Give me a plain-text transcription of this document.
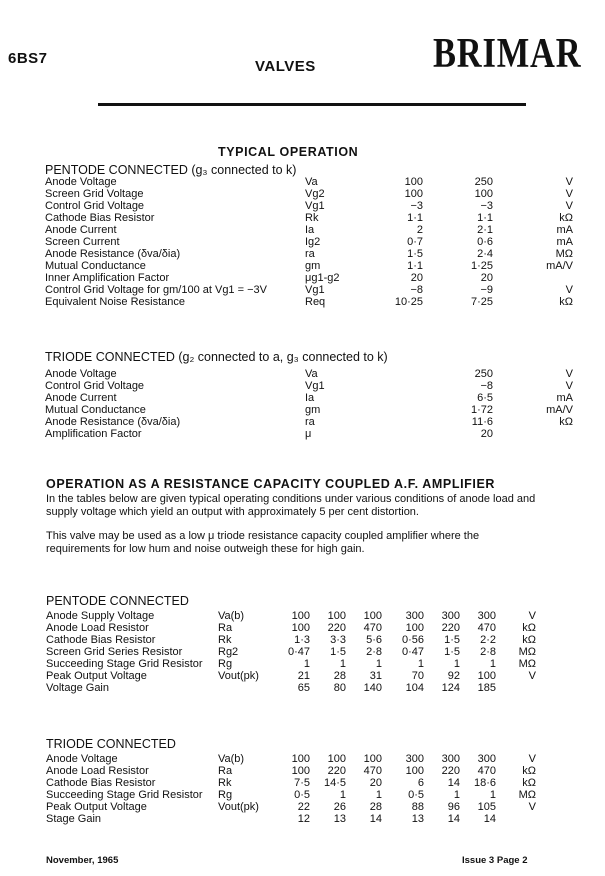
6BS7	VALVES	BRIMAR
TYPICAL OPERATION
PENTODE CONNECTED (g₃ connected to k)
Anode Voltage	Va	100	250	V
Screen Grid Voltage	Vg2	100	100	V
Control Grid Voltage	Vg1	−3	−3	V
Cathode Bias Resistor	Rk	1·1	1·1	kΩ
Anode Current	Ia	2	2·1	mA
Screen Current	Ig2	0·7	0·6	mA
Anode Resistance (δva/δia)	ra	1·5	2·4	MΩ
Mutual Conductance	gm	1·1	1·25	mA/V
Inner Amplification Factor	μg1-g2	20	20	
Control Grid Voltage for gm/100 at Vg1 = −3V	Vg1	−8	−9	V
Equivalent Noise Resistance	Req	10·25	7·25	kΩ
TRIODE CONNECTED (g₂ connected to a, g₃ connected to k)
Anode Voltage	Va	250	V
Control Grid Voltage	Vg1	−8	V
Anode Current	Ia	6·5	mA
Mutual Conductance	gm	1·72	mA/V
Anode Resistance (δva/δia)	ra	11·6	kΩ
Amplification Factor	μ	20	
OPERATION AS A RESISTANCE CAPACITY COUPLED A.F. AMPLIFIER
In the tables below are given typical operating conditions under various conditions of anode load and supply voltage which yield an output with approximately 5 per cent distortion.
This valve may be used as a low μ triode resistance capacity coupled amplifier where the requirements for low hum and noise outweigh these for high gain.
PENTODE CONNECTED
Anode Supply Voltage	Va(b)	100	100	100	300	300	300	V
Anode Load Resistor	Ra	100	220	470	100	220	470	kΩ
Cathode Bias Resistor	Rk	1·3	3·3	5·6	0·56	1·5	2·2	kΩ
Screen Grid Series Resistor	Rg2	0·47	1·5	2·8	0·47	1·5	2·8	MΩ
Succeeding Stage Grid Resistor	Rg	1	1	1	1	1	1	MΩ
Peak Output Voltage	Vout(pk)	21	28	31	70	92	100	V
Voltage Gain		65	80	140	104	124	185	
TRIODE CONNECTED
Anode Voltage	Va(b)	100	100	100	300	300	300	V
Anode Load Resistor	Ra	100	220	470	100	220	470	kΩ
Cathode Bias Resistor	Rk	7·5	14·5	20	6	14	18·6	kΩ
Succeeding Stage Grid Resistor	Rg	0·5	1	1	0·5	1	1	MΩ
Peak Output Voltage	Vout(pk)	22	26	28	88	96	105	V
Stage Gain		12	13	14	13	14	14	
November, 1965	Issue 3 Page 2
